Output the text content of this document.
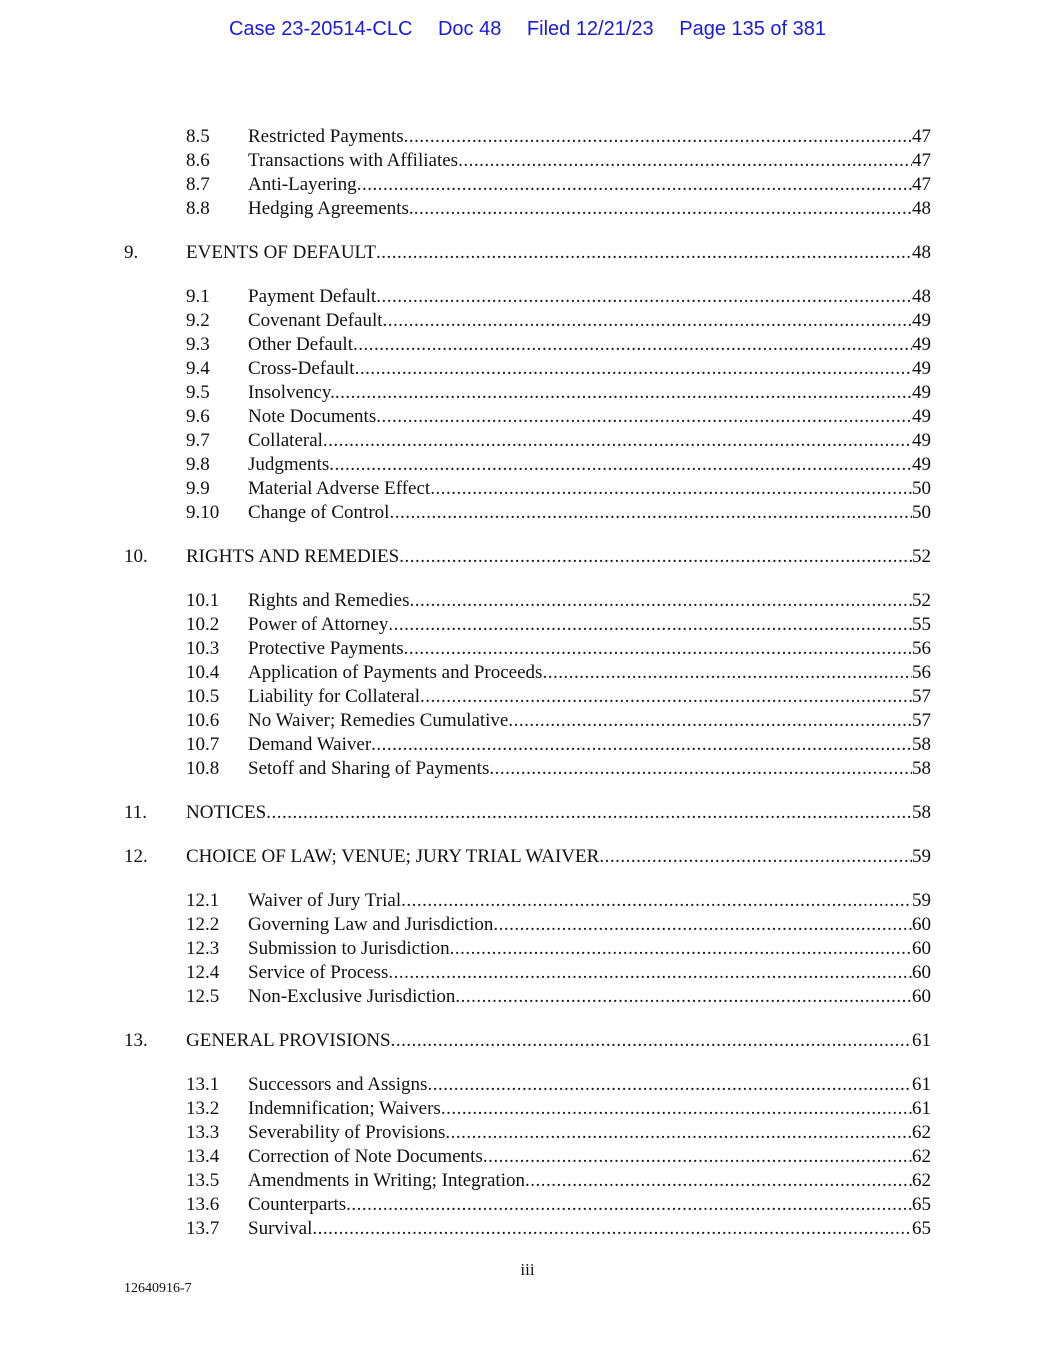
Case 23-20514-CLC Doc 48 Filed 12/21/23 Page 135 of 381
8.5 Restricted Payments .....	47
8.6 Transactions with Affiliates .....	47
8.7 Anti-Layering .....	47
8.8 Hedging Agreements. .....	48
9.	EVENTS OF DEFAULT .....	48
9.1 Payment Default .....	48
9.2 Covenant Default .....	49
9.3 Other Default .....	49
9.4 Cross-Default .....	49
9.5 Insolvency. .....	49
9.6 Note Documents .....	49
9.7 Collateral .....	49
9.8 Judgments .....	49
9.9 Material Adverse Effect .....	50
9.10 Change of Control .....	50
10. RIGHTS AND REMEDIES .....	52
10.1 Rights and Remedies .....	52
10.2 Power of Attorney .....	55
10.3 Protective Payments .....	56
10.4 Application of Payments and Proceeds .....	56
10.5 Liability for Collateral .....	57
10.6 No Waiver; Remedies Cumulative .....	57
10.7 Demand Waiver .....	58
10.8 Setoff and Sharing of Payments .....	58
11. NOTICES .....	58
12. CHOICE OF LAW; VENUE; JURY TRIAL WAIVER .....	59
12.1 Waiver of Jury Trial .....	59
12.2 Governing Law and Jurisdiction .....	60
12.3 Submission to Jurisdiction .....	60
12.4 Service of Process .....	60
12.5 Non-Exclusive Jurisdiction .....	60
13. GENERAL PROVISIONS .....	61
13.1 Successors and Assigns .....	61
13.2 Indemnification; Waivers .....	61
13.3 Severability of Provisions .....	62
13.4 Correction of Note Documents .....	62
13.5 Amendments in Writing; Integration .....	62
13.6 Counterparts .....	65
13.7 Survival .....	65
iii
12640916-7
